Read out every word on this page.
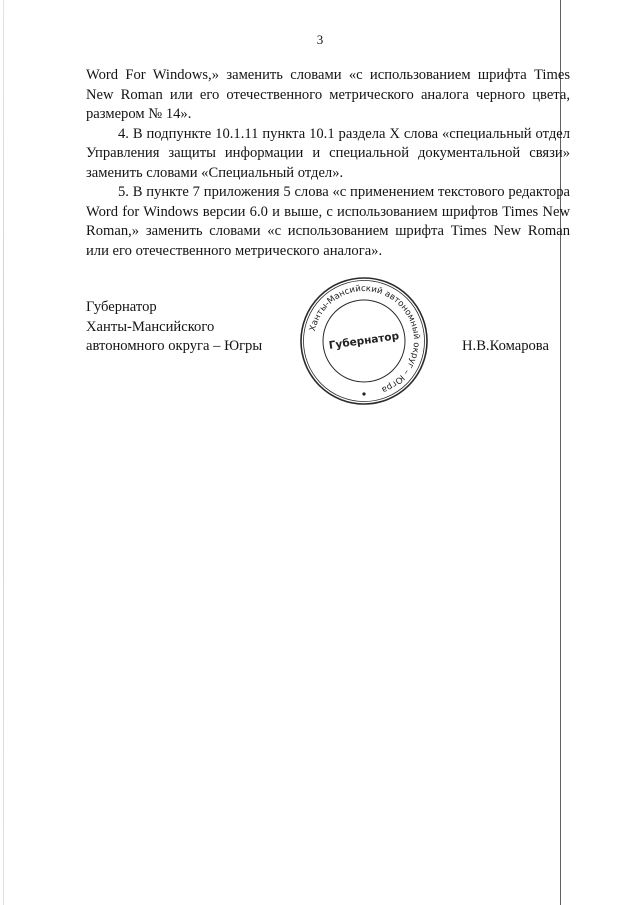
3

Word For Windows,» заменить словами «с использованием шрифта Times New Roman или его отечественного метрического аналога черного цвета, размером № 14».

4. В подпункте 10.1.11 пункта 10.1 раздела X слова «специальный отдел Управления защиты информации и специальной документальной связи» заменить словами «Специальный отдел».

5. В пункте 7 приложения 5 слова «с применением текстового редактора Word for Windows версии 6.0 и выше, с использованием шрифтов Times New Roman,» заменить словами «с использованием шрифта Times New Roman или его отечественного метрического аналога».

Губернатор
Ханты-Мансийского
автономного округа – Югры
Ханты-Мансийский автономный округ – Югра
Губернатор	Н.В.Комарова
